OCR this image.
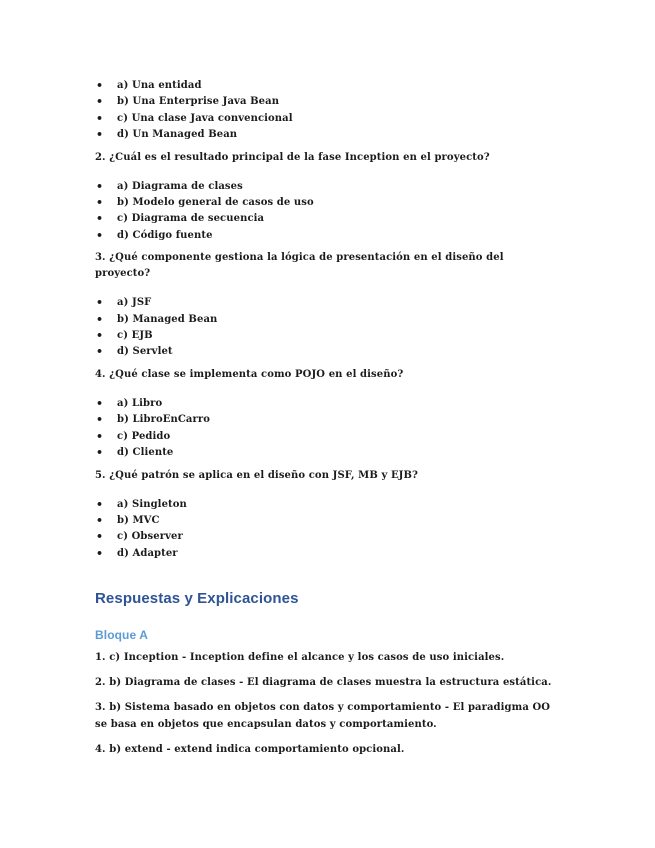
• a) Una entidad
• b) Una Enterprise Java Bean
• c) Una clase Java convencional
• d) Un Managed Bean

2. ¿Cuál es el resultado principal de la fase Inception en el proyecto?

• a) Diagrama de clases
• b) Modelo general de casos de uso
• c) Diagrama de secuencia
• d) Código fuente

3. ¿Qué componente gestiona la lógica de presentación en el diseño del proyecto?

• a) JSF
• b) Managed Bean
• c) EJB
• d) Servlet

4. ¿Qué clase se implementa como POJO en el diseño?

• a) Libro
• b) LibroEnCarro
• c) Pedido
• d) Cliente

5. ¿Qué patrón se aplica en el diseño con JSF, MB y EJB?

• a) Singleton
• b) MVC
• c) Observer
• d) Adapter
Respuestas y Explicaciones
Bloque A

1. c) Inception - Inception define el alcance y los casos de uso iniciales.

2. b) Diagrama de clases - El diagrama de clases muestra la estructura estática.

3. b) Sistema basado en objetos con datos y comportamiento - El paradigma OO se basa en objetos que encapsulan datos y comportamiento.

4. b) extend - extend indica comportamiento opcional.
